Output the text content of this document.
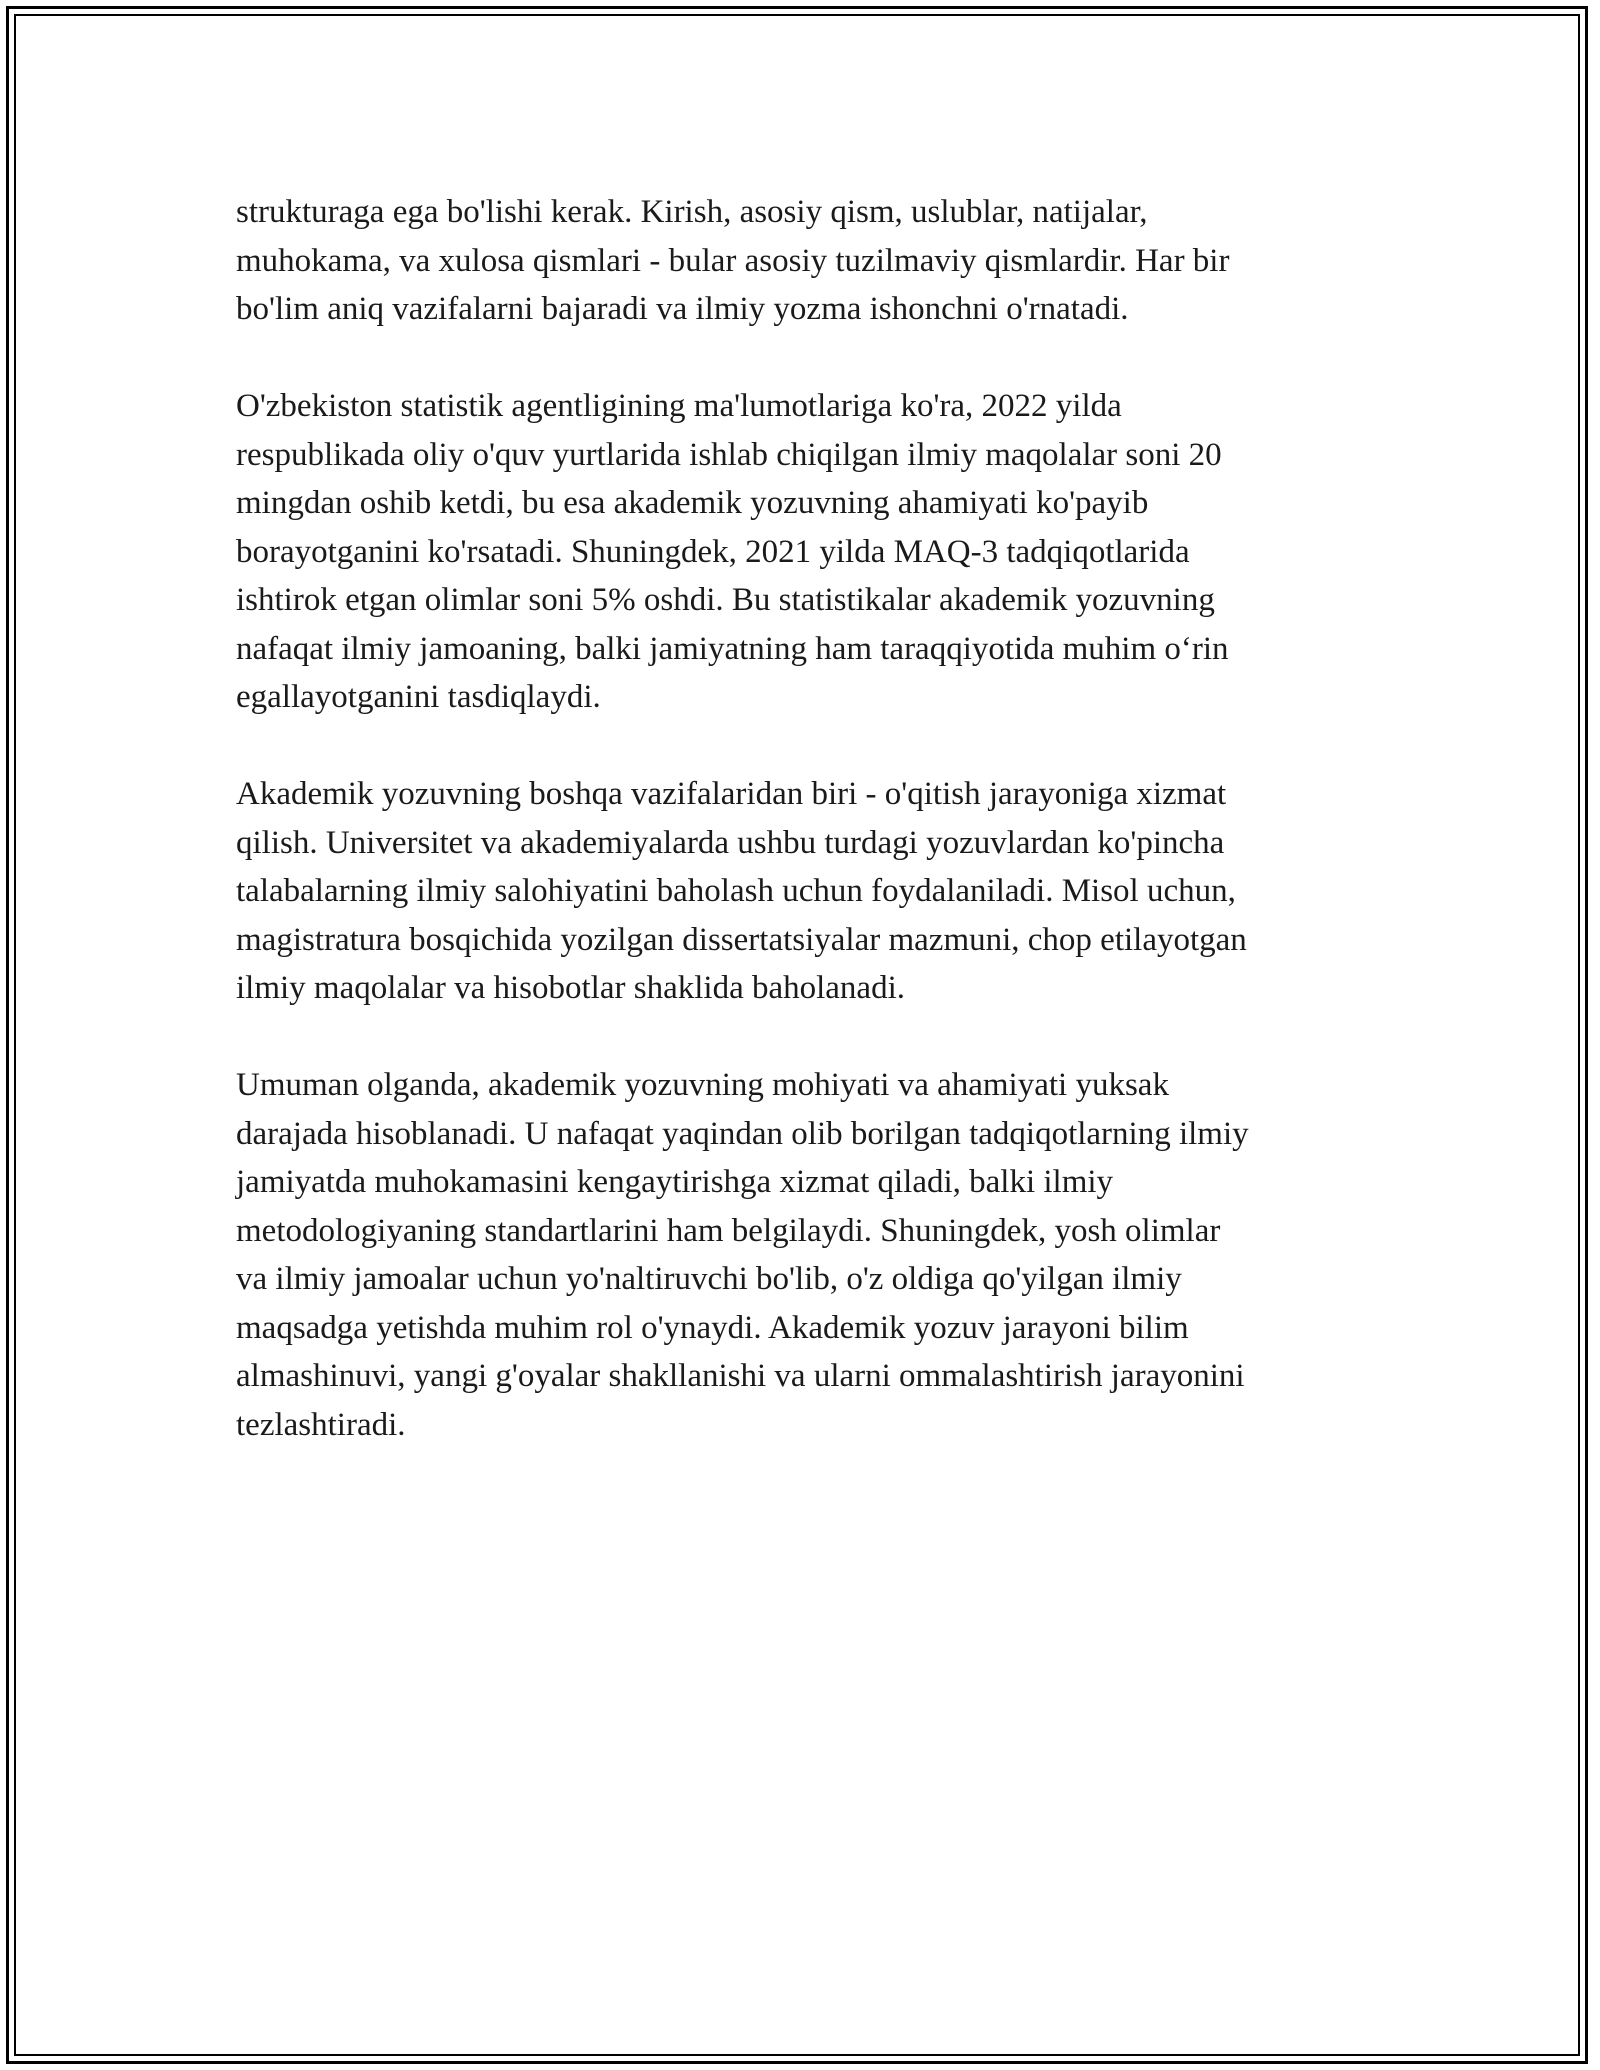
strukturaga ega bo'lishi kerak. Kirish, asosiy qism, uslublar, natijalar,
muhokama, va xulosa qismlari - bular asosiy tuzilmaviy qismlardir. Har bir
bo'lim aniq vazifalarni bajaradi va ilmiy yozma ishonchni o'rnatadi.

O'zbekiston statistik agentligining ma'lumotlariga ko'ra, 2022 yilda
respublikada oliy o'quv yurtlarida ishlab chiqilgan ilmiy maqolalar soni 20
mingdan oshib ketdi, bu esa akademik yozuvning ahamiyati ko'payib
borayotganini ko'rsatadi. Shuningdek, 2021 yilda MAQ-3 tadqiqotlarida
ishtirok etgan olimlar soni 5% oshdi. Bu statistikalar akademik yozuvning
nafaqat ilmiy jamoaning, balki jamiyatning ham taraqqiyotida muhim o‘rin
egallayotganini tasdiqlaydi.

Akademik yozuvning boshqa vazifalaridan biri - o'qitish jarayoniga xizmat
qilish. Universitet va akademiyalarda ushbu turdagi yozuvlardan ko'pincha
talabalarning ilmiy salohiyatini baholash uchun foydalaniladi. Misol uchun,
magistratura bosqichida yozilgan dissertatsiyalar mazmuni, chop etilayotgan
ilmiy maqolalar va hisobotlar shaklida baholanadi.

Umuman olganda, akademik yozuvning mohiyati va ahamiyati yuksak
darajada hisoblanadi. U nafaqat yaqindan olib borilgan tadqiqotlarning ilmiy
jamiyatda muhokamasini kengaytirishga xizmat qiladi, balki ilmiy
metodologiyaning standartlarini ham belgilaydi. Shuningdek, yosh olimlar
va ilmiy jamoalar uchun yo'naltiruvchi bo'lib, o'z oldiga qo'yilgan ilmiy
maqsadga yetishda muhim rol o'ynaydi. Akademik yozuv jarayoni bilim
almashinuvi, yangi g'oyalar shakllanishi va ularni ommalashtirish jarayonini
tezlashtiradi.
